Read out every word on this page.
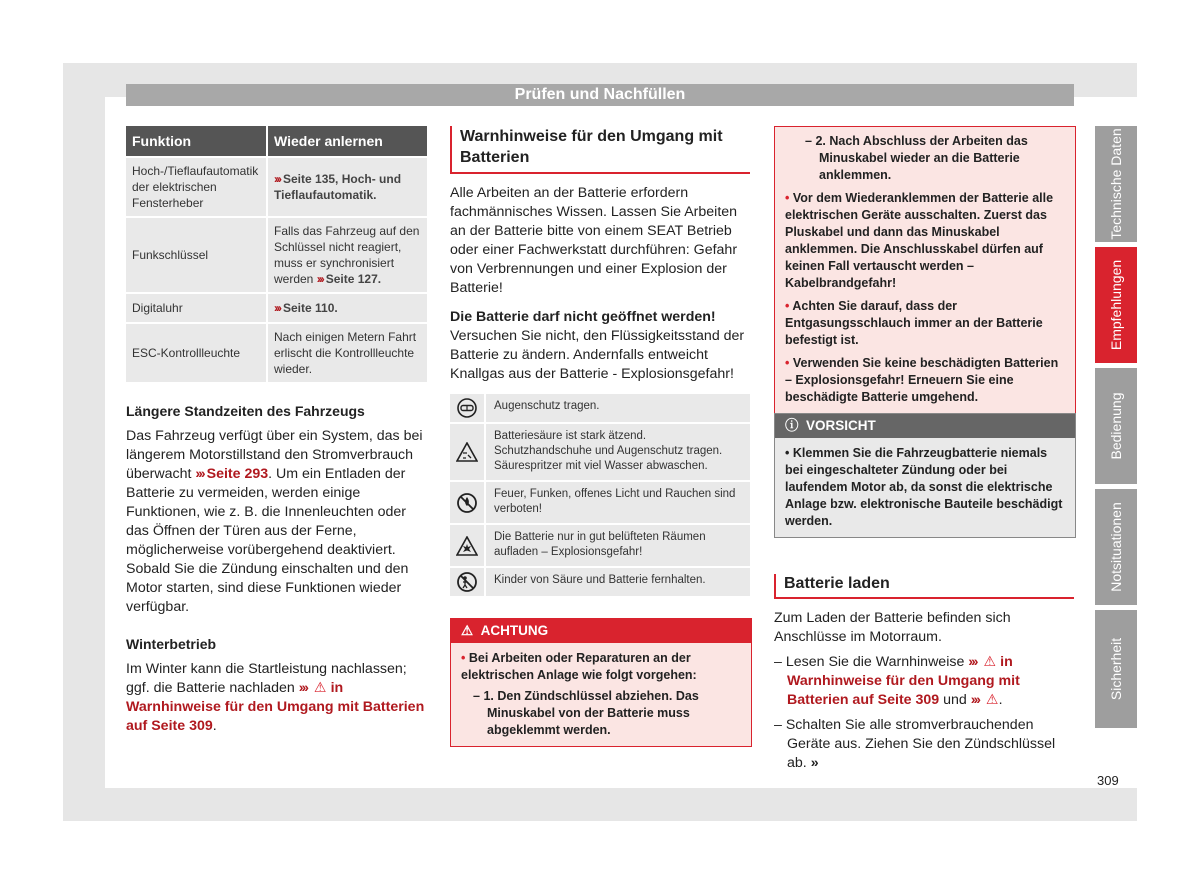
Prüfen und Nachfüllen
Technische Daten
Empfehlungen
Bedienung
Notsituationen
Sicherheit
Funktion	Wieder anlernen
Hoch-/Tieflaufautomatik der elektrischen Fensterheber	››› Seite 135, Hoch- und Tieflaufautomatik.
Funkschlüssel	Falls das Fahrzeug auf den Schlüssel nicht reagiert, muss er synchronisiert werden ››› Seite 127.
Digitaluhr	››› Seite 110.
ESC-Kontrollleuchte	Nach einigen Metern Fahrt erlischt die Kontrollleuchte wieder.
Längere Standzeiten des Fahrzeugs

Das Fahrzeug verfügt über ein System, das bei längerem Motorstillstand den Stromverbrauch überwacht ››› Seite 293. Um ein Entladen der Batterie zu vermeiden, werden einige Funktionen, wie z. B. die Innenleuchten oder das Öffnen der Türen aus der Ferne, möglicherweise vorübergehend deaktiviert. Sobald Sie die Zündung einschalten und den Motor starten, sind diese Funktionen wieder verfügbar.

Winterbetrieb

Im Winter kann die Startleistung nachlassen; ggf. die Batterie nachladen ››› ⚠ in Warnhinweise für den Umgang mit Batterien auf Seite 309.

Warnhinweise für den Umgang mit Batterien

Alle Arbeiten an der Batterie erfordern fachmännisches Wissen. Lassen Sie Arbeiten an der Batterie bitte von einem SEAT Betrieb oder einer Fachwerkstatt durchführen: Gefahr von Verbrennungen und einer Explosion der Batterie!

Die Batterie darf nicht geöffnet werden! Versuchen Sie nicht, den Flüssigkeitsstand der Batterie zu ändern. Andernfalls entweicht Knallgas aus der Batterie - Explosionsgefahr!

Augenschutz tragen.
Batteriesäure ist stark ätzend. Schutzhandschuhe und Augenschutz tragen. Säurespritzer mit viel Wasser abwaschen.
Feuer, Funken, offenes Licht und Rauchen sind verboten!
Die Batterie nur in gut belüfteten Räumen aufladen – Explosionsgefahr!
Kinder von Säure und Batterie fernhalten.
⚠ ACHTUNG
• Bei Arbeiten oder Reparaturen an der elektrischen Anlage wie folgt vorgehen:
– 1. Den Zündschlüssel abziehen. Das Minuskabel von der Batterie muss abgeklemmt werden.

– 2. Nach Abschluss der Arbeiten das Minuskabel wieder an die Batterie anklemmen.

• Vor dem Wiederanklemmen der Batterie alle elektrischen Geräte ausschalten. Zuerst das Pluskabel und dann das Minuskabel anklemmen. Die Anschlusskabel dürfen auf keinen Fall vertauscht werden – Kabelbrandgefahr!

• Achten Sie darauf, dass der Entgasungsschlauch immer an der Batterie befestigt ist.

• Verwenden Sie keine beschädigten Batterien – Explosionsgefahr! Erneuern Sie eine beschädigte Batterie umgehend.

ⓘ VORSICHT
• Klemmen Sie die Fahrzeugbatterie niemals bei eingeschalteter Zündung oder bei laufendem Motor ab, da sonst die elektrische Anlage bzw. elektronische Bauteile beschädigt werden.
Batterie laden

Zum Laden der Batterie befinden sich Anschlüsse im Motorraum.

– Lesen Sie die Warnhinweise ››› ⚠ in Warnhinweise für den Umgang mit Batterien auf Seite 309 und ››› ⚠.
– Schalten Sie alle stromverbrauchenden Geräte aus. Ziehen Sie den Zündschlüssel ab. »
309
